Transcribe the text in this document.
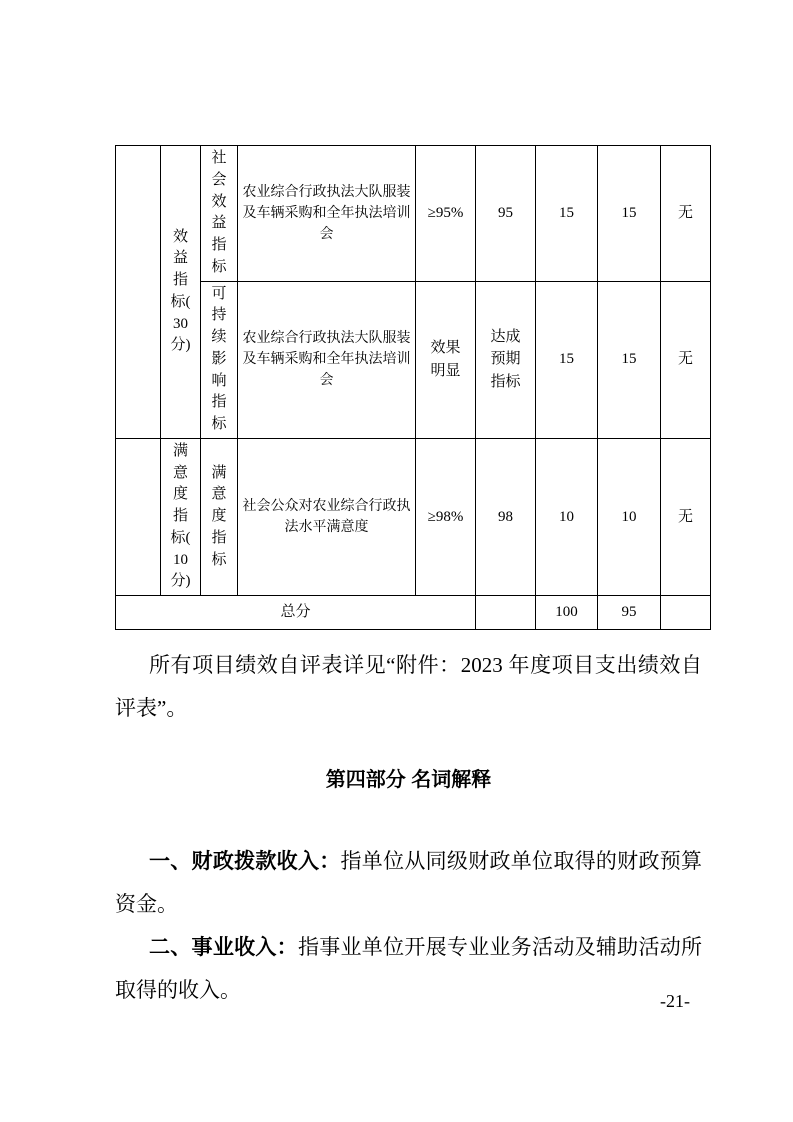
	效益指标(30分)	社会效益指标	农业综合行政执法大队服装及车辆采购和全年执法培训会	≥95%	95	15	15	无
		可持续影响指标	农业综合行政执法大队服装及车辆采购和全年执法培训会	效果明显	达成预期指标	15	15	无
	满意度指标(10分)	满意度指标	社会公众对农业综合行政执法水平满意度	≥98%	98	10	10	无
总分						100	95	

所有项目绩效自评表详见“附件：2023 年度项目支出绩效自评表”。

第四部分 名词解释

一、财政拨款收入：指单位从同级财政单位取得的财政预算资金。

二、事业收入：指事业单位开展专业业务活动及辅助活动所取得的收入。	-21-
